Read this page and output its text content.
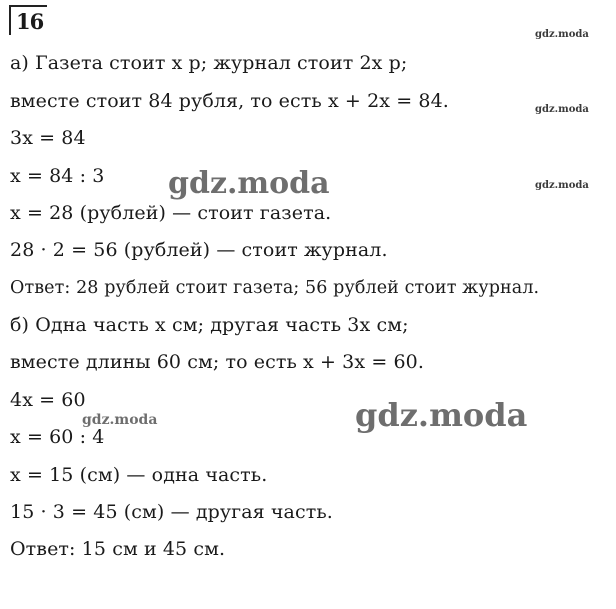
16
gdz.moda
gdz.moda
gdz.moda
gdz.moda
gdz.moda
gdz.moda
а) Газета стоит x р; журнал стоит 2x р;
вместе стоит 84 рубля, то есть x + 2x = 84.
3x = 84
x = 84 : 3
x = 28 (рублей) — стоит газета.
28 · 2 = 56 (рублей) — стоит журнал.
Ответ: 28 рублей стоит газета; 56 рублей стоит журнал.
б) Одна часть x см; другая часть 3x см;
вместе длины 60 см; то есть x + 3x = 60.
4x = 60
x = 60 : 4
x = 15 (см) — одна часть.
15 · 3 = 45 (см) — другая часть.
Ответ: 15 см и 45 см.
